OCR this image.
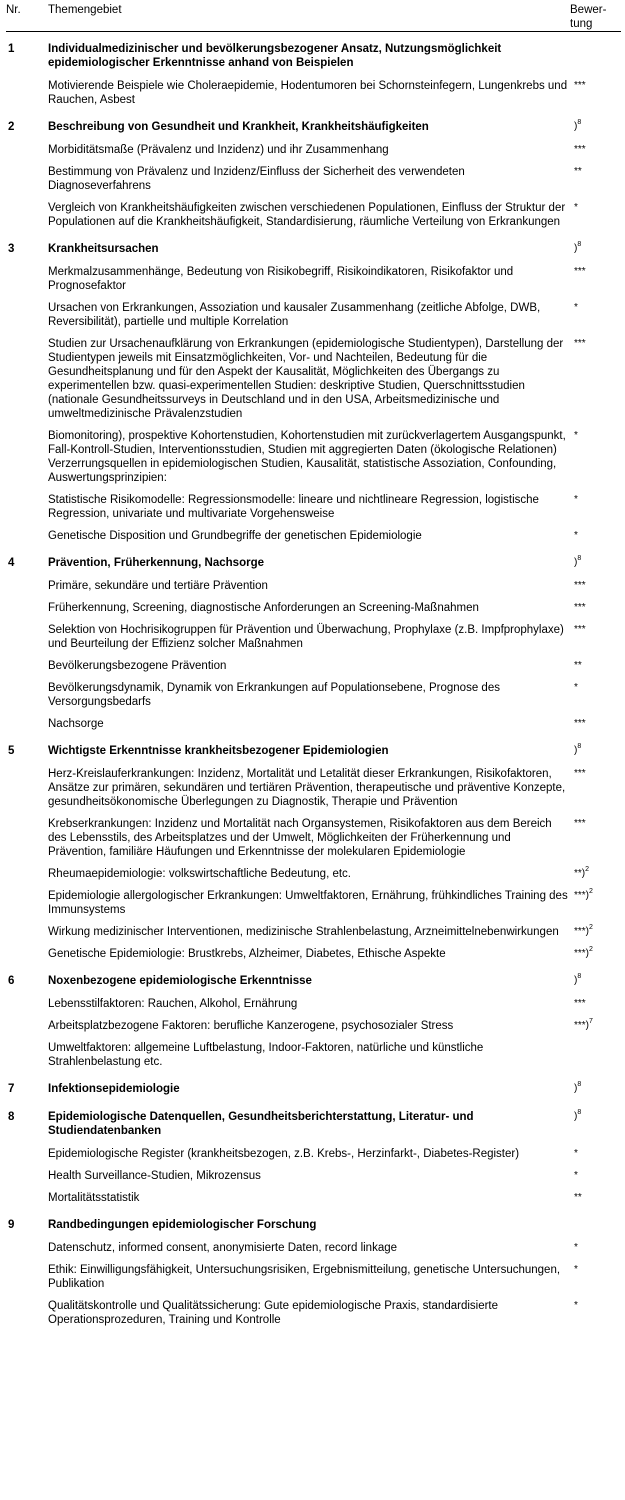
Nr.	Themengebiet	Bewer-
tung
1	Individualmedizinischer und bevölkerungsbezogener Ansatz, Nutzungsmöglichkeit epidemiologischer Erkenntnisse anhand von Beispielen	
	Motivierende Beispiele wie Choleraepidemie, Hodentumoren bei Schornsteinfegern, Lungenkrebs und Rauchen, Asbest	***
2	Beschreibung von Gesundheit und Krankheit, Krankheitshäufigkeiten	)$^8$
	Morbiditätsmaße (Prävalenz und Inzidenz) und ihr Zusammenhang	***
	Bestimmung von Prävalenz und Inzidenz/Einfluss der Sicherheit des verwendeten Diagnoseverfahrens	**
	Vergleich von Krankheitshäufigkeiten zwischen verschiedenen Populationen, Einfluss der Struktur der Populationen auf die Krankheitshäufigkeit, Standardisierung, räumliche Verteilung von Erkrankungen	*
3	Krankheitsursachen	)$^8$
	Merkmalzusammenhänge, Bedeutung von Risikobegriff, Risikoindikatoren, Risikofaktor und Prognosefaktor	***
	Ursachen von Erkrankungen, Assoziation und kausaler Zusammenhang (zeitliche Abfolge, DWB, Reversibilität), partielle und multiple Korrelation	*
	Studien zur Ursachenaufklärung von Erkrankungen (epidemiologische Studientypen), Darstellung der Studientypen jeweils mit Einsatzmöglichkeiten, Vor- und Nachteilen, Bedeutung für die Gesundheitsplanung und für den Aspekt der Kausalität, Möglichkeiten des Übergangs zu experimentellen bzw. quasi-experimentellen Studien: deskriptive Studien, Querschnittsstudien (nationale Gesundheitssurveys in Deutschland und in den USA, Arbeitsmedizinische und umweltmedizinische Prävalenzstudien	***
	Biomonitoring), prospektive Kohortenstudien, Kohortenstudien mit zurückverlagertem Ausgangspunkt, Fall-Kontroll-Studien, Interventionsstudien, Studien mit aggregierten Daten (ökologische Relationen) Verzerrungsquellen in epidemiologischen Studien, Kausalität, statistische Assoziation, Confounding, Auswertungsprinzipien:	*
	Statistische Risikomodelle: Regressionsmodelle: lineare und nichtlineare Regression, logistische Regression, univariate und multivariate Vorgehensweise	*
	Genetische Disposition und Grundbegriffe der genetischen Epidemiologie	*
4	Prävention, Früherkennung, Nachsorge	)$^8$
	Primäre, sekundäre und tertiäre Prävention	***
	Früherkennung, Screening, diagnostische Anforderungen an Screening-Maßnahmen	***
	Selektion von Hochrisikogruppen für Prävention und Überwachung, Prophylaxe (z.B. Impfprophylaxe) und Beurteilung der Effizienz solcher Maßnahmen	***
	Bevölkerungsbezogene Prävention	**
	Bevölkerungsdynamik, Dynamik von Erkrankungen auf Populationsebene, Prognose des Versorgungsbedarfs	*
	Nachsorge	***
5	Wichtigste Erkenntnisse krankheitsbezogener Epidemiologien	)$^8$
	Herz-Kreislauferkrankungen: Inzidenz, Mortalität und Letalität dieser Erkrankungen, Risikofaktoren, Ansätze zur primären, sekundären und tertiären Prävention, therapeutische und präventive Konzepte, gesundheitsökonomische Überlegungen zu Diagnostik, Therapie und Prävention	***
	Krebserkrankungen: Inzidenz und Mortalität nach Organsystemen, Risikofaktoren aus dem Bereich des Lebensstils, des Arbeitsplatzes und der Umwelt, Möglichkeiten der Früherkennung und Prävention, familiäre Häufungen und Erkenntnisse der molekularen Epidemiologie	***
	Rheumaepidemiologie: volkswirtschaftliche Bedeutung, etc.	**)$^2$
	Epidemiologie allergologischer Erkrankungen: Umweltfaktoren, Ernährung, frühkindliches Training des Immunsystems	***)$^2$
	Wirkung medizinischer Interventionen, medizinische Strahlenbelastung, Arzneimittelnebenwirkungen	***)$^2$
	Genetische Epidemiologie: Brustkrebs, Alzheimer, Diabetes, Ethische Aspekte	***)$^2$
6	Noxenbezogene epidemiologische Erkenntnisse	)$^8$
	Lebensstilfaktoren: Rauchen, Alkohol, Ernährung	***
	Arbeitsplatzbezogene Faktoren: berufliche Kanzerogene, psychosozialer Stress	***)$^7$
	Umweltfaktoren: allgemeine Luftbelastung, Indoor-Faktoren, natürliche und künstliche Strahlenbelastung etc.	
7	Infektionsepidemiologie	)$^8$
8	Epidemiologische Datenquellen, Gesundheitsberichterstattung, Literatur- und Studiendatenbanken	)$^8$
	Epidemiologische Register (krankheitsbezogen, z.B. Krebs-, Herzinfarkt-, Diabetes-Register)	*
	Health Surveillance-Studien, Mikrozensus	*
	Mortalitätsstatistik	**
9	Randbedingungen epidemiologischer Forschung	
	Datenschutz, informed consent, anonymisierte Daten, record linkage	*
	Ethik: Einwilligungsfähigkeit, Untersuchungsrisiken, Ergebnismitteilung, genetische Untersuchungen, Publikation	*
	Qualitätskontrolle und Qualitätssicherung: Gute epidemiologische Praxis, standardisierte Operationsprozeduren, Training und Kontrolle	*
